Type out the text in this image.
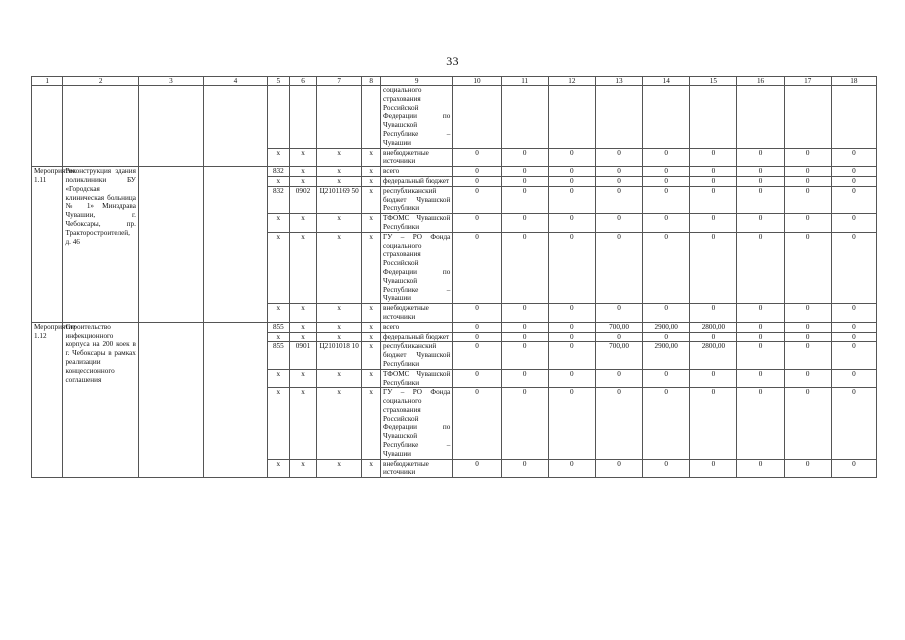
33
1	2	3	4	5	6	7	8	9	10	11	12	13	14	15	16	17	18
								социального страхования Российской Федерации по Чувашской Республике – Чувашии									
				x	x	x	x	внебюджетные источники	0	0	0	0	0	0	0	0	0
Мероприятие 1.11	Реконструкция здания поликлиники БУ «Городская клиническая больница № 1» Минздрава Чувашии, г. Чебоксары, пр. Тракторостроителей, д. 46			832	x	x	x	всего	0	0	0	0	0	0	0	0	0
				x	x	x	x	федеральный бюджет	0	0	0	0	0	0	0	0	0
				832	0902	Ц2101169 50	x	республиканский бюджет Чувашской Республики	0	0	0	0	0	0	0	0	0
				x	x	x	x	ТФОМС Чувашской Республики	0	0	0	0	0	0	0	0	0
				x	x	x	x	ГУ – РО Фонда социального страхования Российской Федерации по Чувашской Республике – Чувашии	0	0	0	0	0	0	0	0	0
				x	x	x	x	внебюджетные источники	0	0	0	0	0	0	0	0	0
Мероприятие 1.12	Строительство инфекционного корпуса на 200 коек в г. Чебоксары в рамках реализации концессионного соглашения			855	x	x	x	всего	0	0	0	700,00	2900,00	2800,00	0	0	0
				x	x	x	x	федеральный бюджет	0	0	0	0	0	0	0	0	0
				855	0901	Ц2101018 10	x	республиканский бюджет Чувашской Республики	0	0	0	700,00	2900,00	2800,00	0	0	0
				x	x	x	x	ТФОМС Чувашской Республики	0	0	0	0	0	0	0	0	0
				x	x	x	x	ГУ – РО Фонда социального страхования Российской Федерации по Чувашской Республике – Чувашии	0	0	0	0	0	0	0	0	0
				x	x	x	x	внебюджетные источники	0	0	0	0	0	0	0	0	0
